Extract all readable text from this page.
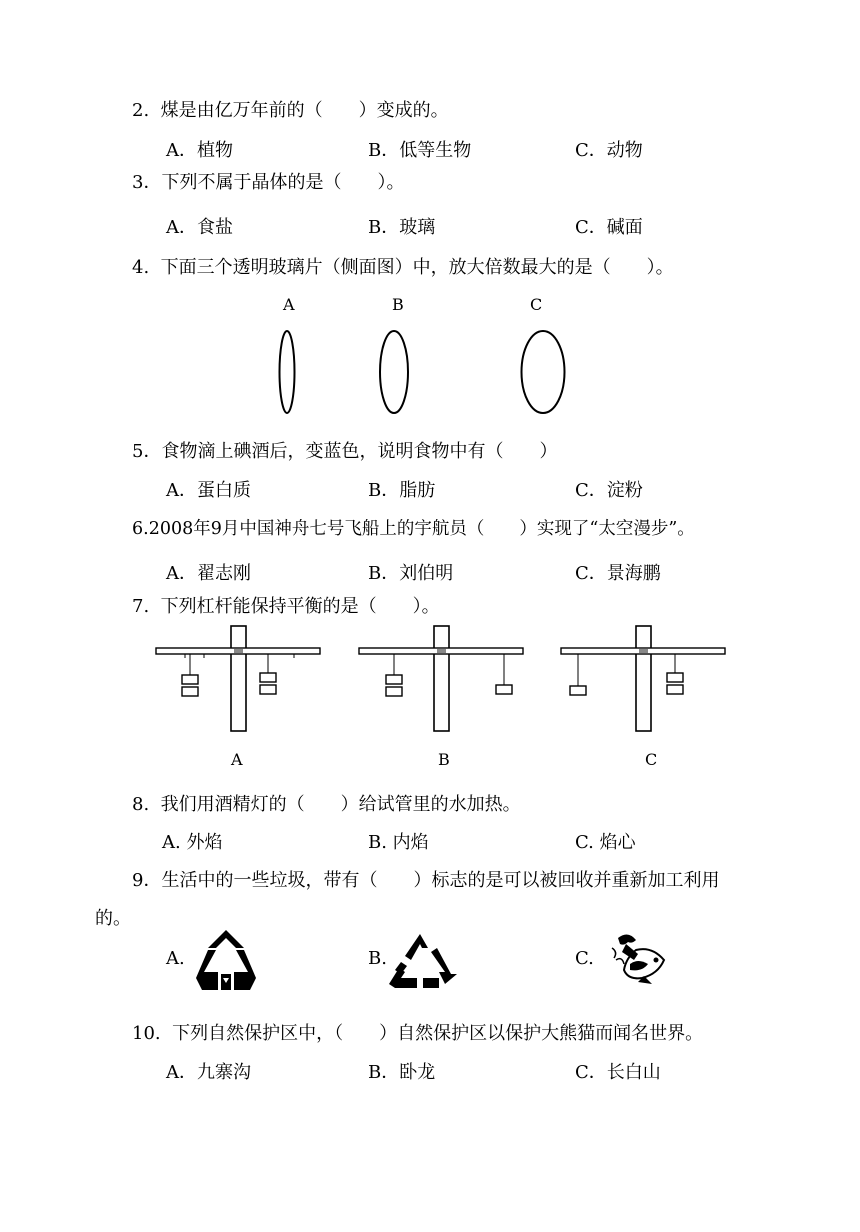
2. 煤是由亿万年前的（　　）变成的。
A．植物	B．低等生物	C．动物
3．下列不属于晶体的是（　　）。
A．食盐	B．玻璃	C．碱面
4. 下面三个透明玻璃片（侧面图）中，放大倍数最大的是（　　）。
A	B	C
5．食物滴上碘酒后，变蓝色，说明食物中有（　　）
A．蛋白质	B．脂肪	C．淀粉
6.2008年9月中国神舟七号飞船上的宇航员（　　）实现了“太空漫步”。
A．翟志刚	B．刘伯明	C．景海鹏
7. 下列杠杆能保持平衡的是（　　）。
A	B	C
8. 我们用酒精灯的（　　）给试管里的水加热。
A. 外焰	B. 内焰	C. 焰心
9．生活中的一些垃圾，带有（　　）标志的是可以被回收并重新加工利用
的。
A.	B.	C.
10. 下列自然保护区中，（　　）自然保护区以保护大熊猫而闻名世界。
A．九寨沟	B．卧龙	C．长白山
